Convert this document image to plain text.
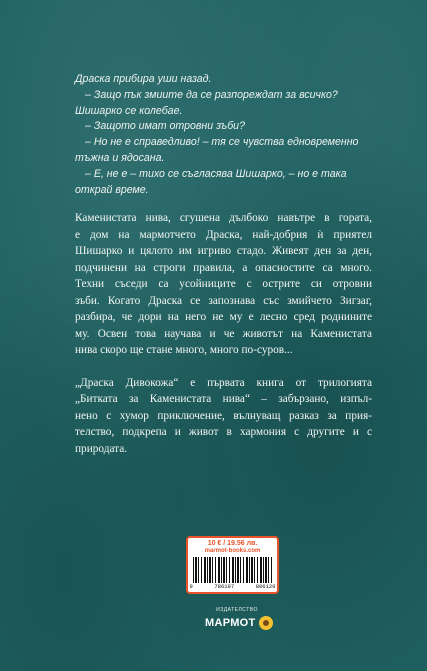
Драска прибира уши назад.
– Защо пък змиите да се разпореждат за всичко?
Шишарко се колебае.
– Защото имат отровни зъби?
– Но не е справедливо! – тя се чувства едновременно
тъжна и ядосана.
– Е, не е – тихо се съгласява Шишарко, – но е така
открай време.
Каменистата нива, сгушена дълбоко навътре в гората,
е дом на мармотчето Драска, най-добрия ѝ приятел
Шишарко и цялото им игриво стадо. Живеят ден за ден,
подчинени на строги правила, а опасностите са много.
Техни съседи са усойниците с острите си отровни
зъби. Когато Драска се запознава със змийчето Зигзаг,
разбира, че дори на него не му е лесно сред роднините
му. Освен това научава и че животът на Каменистата
нива скоро ще стане много, много по-суров...
„Драска Дивокожа“ е първата книга от трилогията
„Битката за Каменистата нива“ – забързано, изпъл-
нено с хумор приключение, вълнуващ разказ за прия-
телство, подкрепа и живот в хармония с другите и с
природата.
10 € / 19.56 лв.
marmot-books.com
9	786197	806120
ИЗДАТЕЛСТВО
МАРМОТ
